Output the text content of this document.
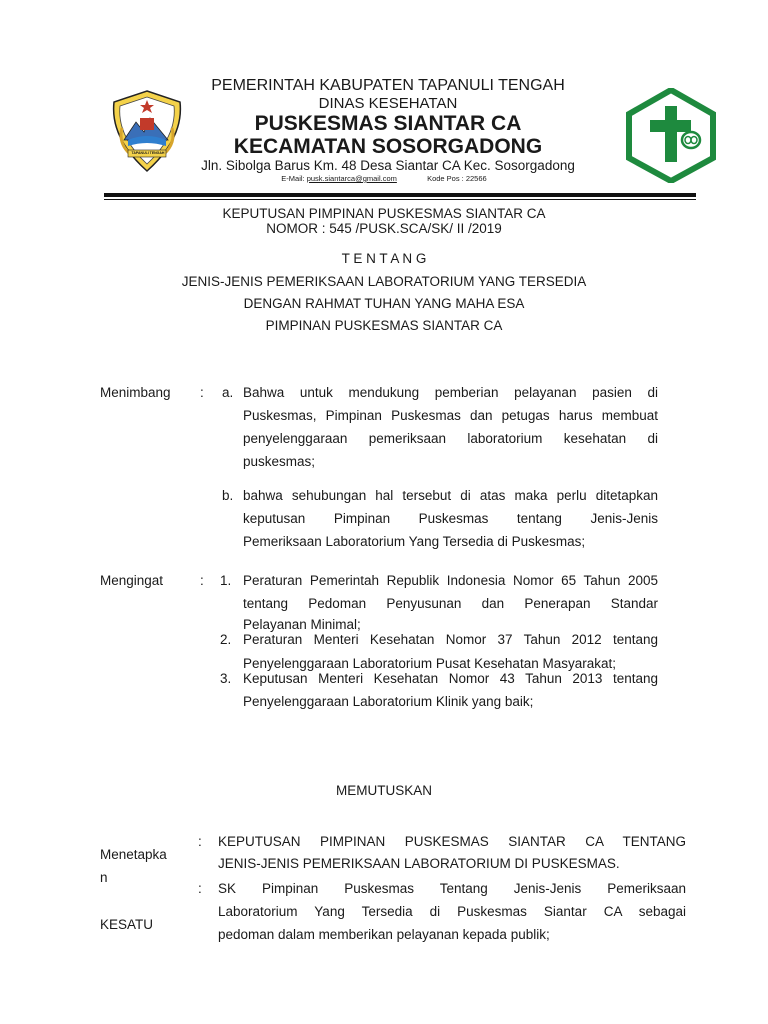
TAPANULI TENGAH
PEMERINTAH KABUPATEN TAPANULI TENGAH
DINAS KESEHATAN
PUSKESMAS SIANTAR CA
KECAMATAN SOSORGADONG
Jln. Sibolga Barus Km. 48 Desa Siantar CA Kec. Sosorgadong
E-Mail: pusk.siantarca@gmail.com	Kode Pos : 22566
KEPUTUSAN PIMPINAN PUSKESMAS SIANTAR CA
NOMOR : 545 /PUSK.SCA/SK/ II /2019
T E N T A N G
JENIS-JENIS PEMERIKSAAN LABORATORIUM YANG TERSEDIA
DENGAN RAHMAT TUHAN YANG MAHA ESA
PIMPINAN PUSKESMAS SIANTAR CA
Menimbang : a. Bahwa untuk mendukung pemberian pelayanan pasien di
Puskesmas, Pimpinan Puskesmas dan petugas harus membuat
penyelenggaraan pemeriksaan laboratorium kesehatan di
puskesmas;
b. bahwa sehubungan hal tersebut di atas maka perlu ditetapkan
keputusan Pimpinan Puskesmas tentang Jenis-Jenis
Pemeriksaan Laboratorium Yang Tersedia di Puskesmas;
Mengingat	: 1. Peraturan Pemerintah Republik Indonesia Nomor 65 Tahun 2005
tentang Pedoman Penyusunan dan Penerapan Standar
Pelayanan Minimal;
2. Peraturan Menteri Kesehatan Nomor 37 Tahun 2012 tentang
Penyelenggaraan Laboratorium Pusat Kesehatan Masyarakat;
3. Keputusan Menteri Kesehatan Nomor 43 Tahun 2013 tentang
Penyelenggaraan Laboratorium Klinik yang baik;
MEMUTUSKAN
: KEPUTUSAN PIMPINAN PUSKESMAS SIANTAR CA TENTANG
JENIS-JENIS PEMERIKSAAN LABORATORIUM DI PUSKESMAS.
Menetapka
n
: SK Pimpinan Puskesmas Tentang Jenis-Jenis Pemeriksaan
Laboratorium Yang Tersedia di Puskesmas Siantar CA sebagai
pedoman dalam memberikan pelayanan kepada publik;
KESATU
